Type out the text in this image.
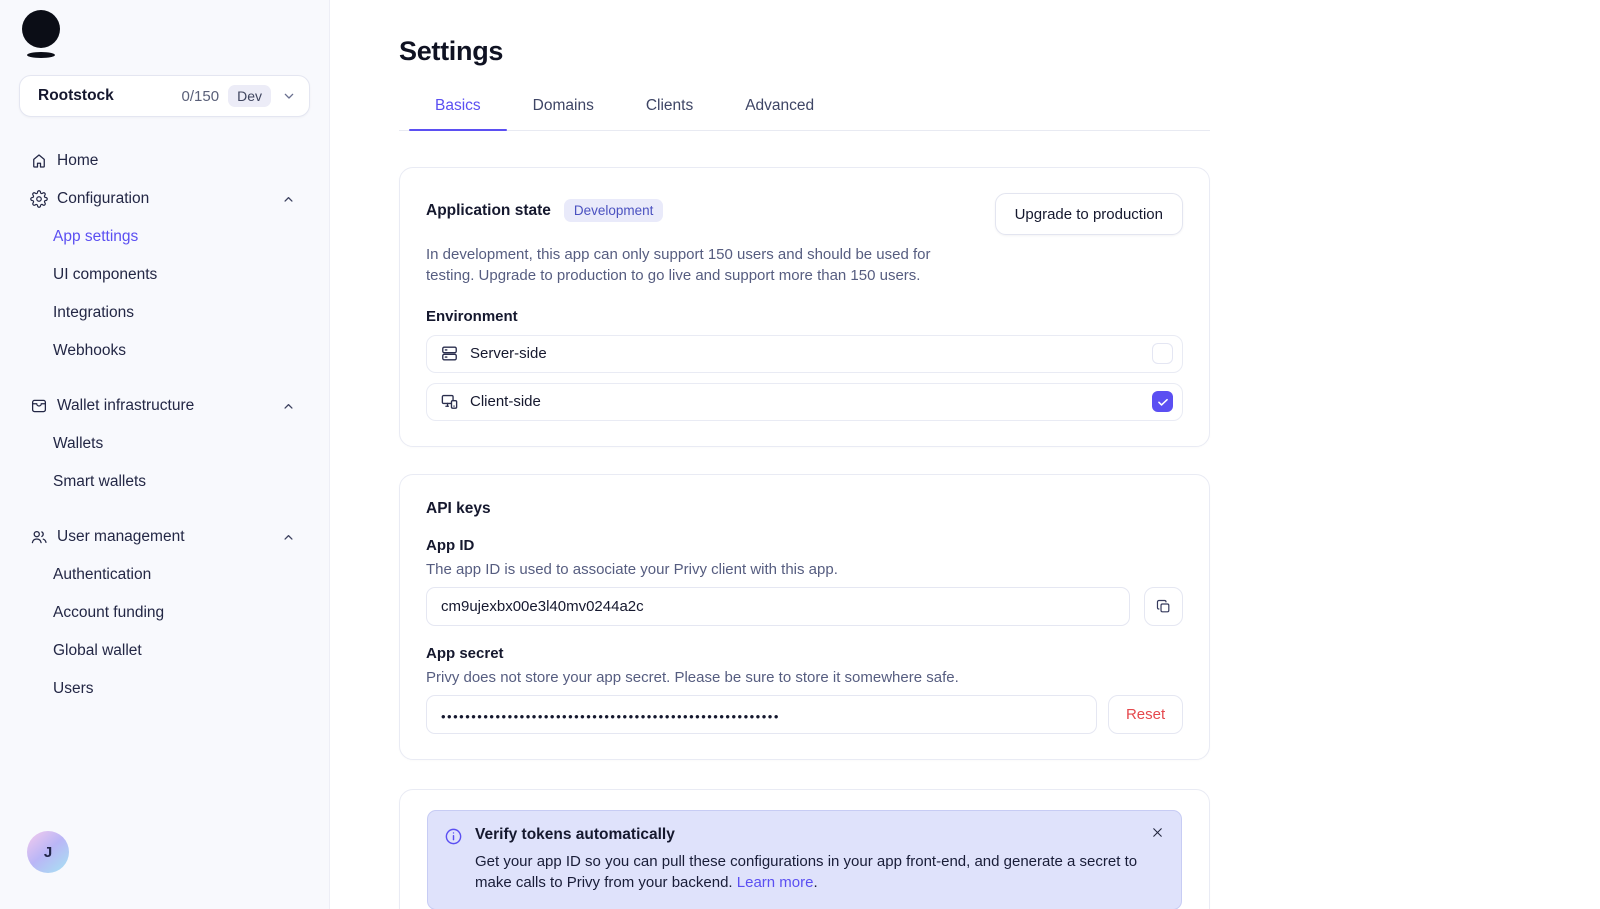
Rootstock	0/150	Dev
Home
Configuration
App settings
UI components
Integrations
Webhooks
Wallet infrastructure
Wallets
Smart wallets
User management
Authentication
Account funding
Global wallet
Users
J
Settings
Basics	Domains	Clients	Advanced
Application state	Development	Upgrade to production

In development, this app can only support 150 users and should be used for testing. Upgrade to production to go live and support more than 150 users.

Environment
Server-side
Client-side
API keys
App ID
The app ID is used to associate your Privy client with this app.
cm9ujexbx00e3l40mv0244a2c
App secret
Privy does not store your app secret. Please be sure to store it somewhere safe.
••••••••••••••••••••••••••••••••••••••••••••••••••••••••
Reset
Verify tokens automatically
Get your app ID so you can pull these configurations in your app front-end, and generate a secret to make calls to Privy from your backend. Learn more.
